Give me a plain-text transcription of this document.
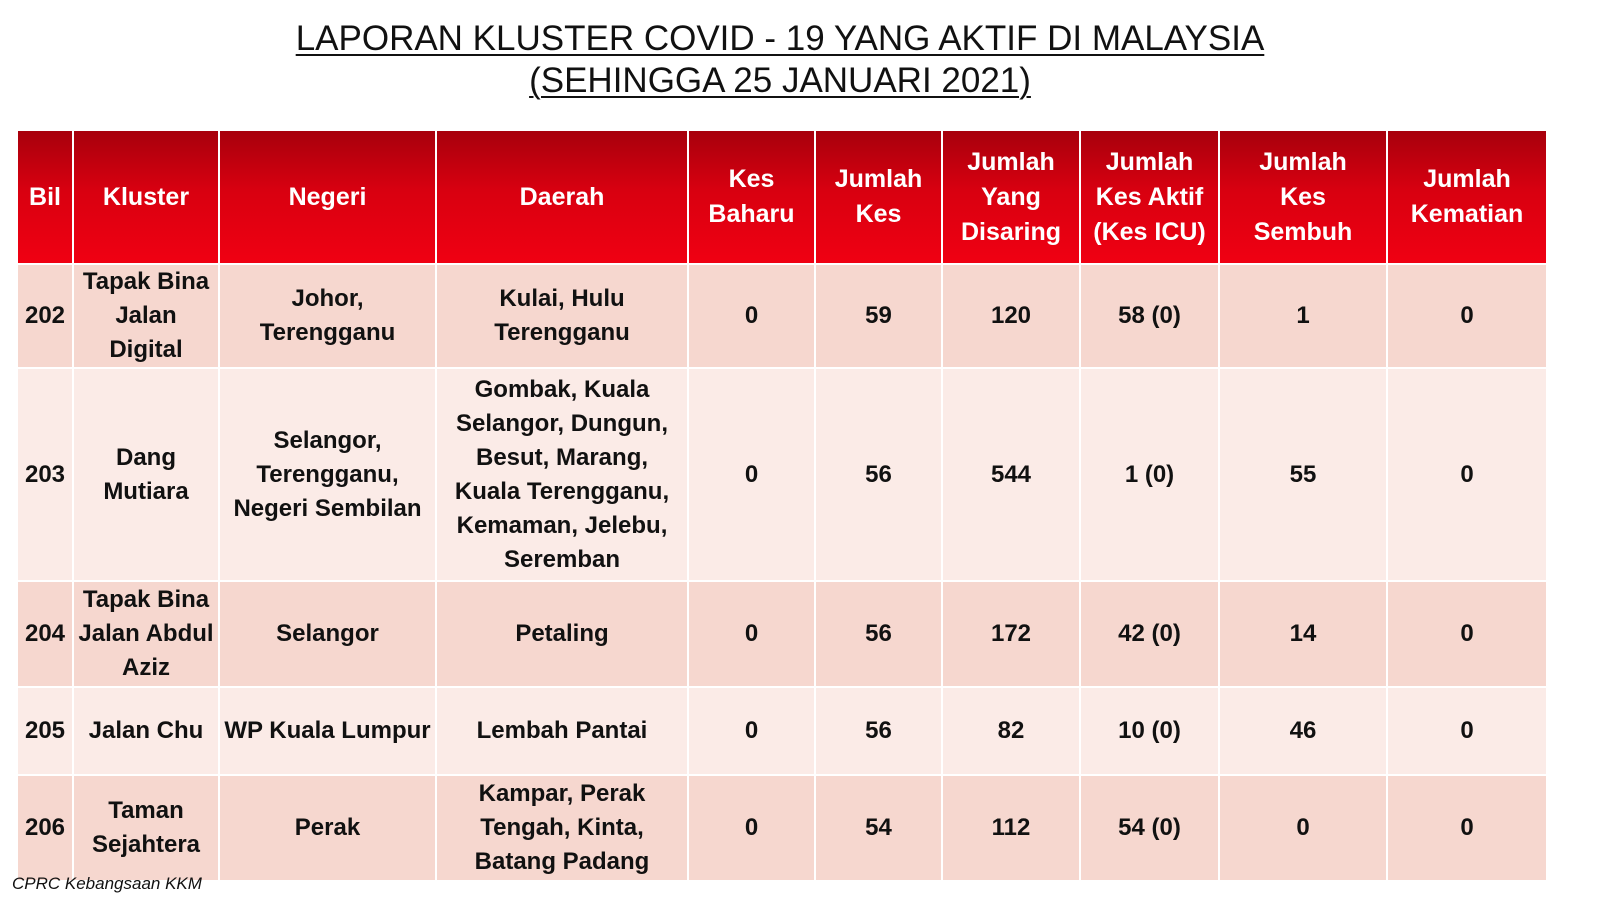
LAPORAN KLUSTER COVID - 19 YANG AKTIF DI MALAYSIA
(SEHINGGA 25 JANUARI 2021)
Bil	Kluster	Negeri	Daerah	Kes Baharu	Jumlah Kes	Jumlah Yang Disaring	Jumlah Kes Aktif (Kes ICU)	Jumlah Kes Sembuh	Jumlah Kematian
202	Tapak Bina Jalan Digital	Johor, Terengganu	Kulai, Hulu Terengganu	0	59	120	58 (0)	1	0
203	Dang Mutiara	Selangor, Terengganu, Negeri Sembilan	Gombak, Kuala Selangor, Dungun, Besut, Marang, Kuala Terengganu, Kemaman, Jelebu, Seremban	0	56	544	1 (0)	55	0
204	Tapak Bina Jalan Abdul Aziz	Selangor	Petaling	0	56	172	42 (0)	14	0
205	Jalan Chu	WP Kuala Lumpur	Lembah Pantai	0	56	82	10 (0)	46	0
206	Taman Sejahtera	Perak	Kampar, Perak Tengah, Kinta, Batang Padang	0	54	112	54 (0)	0	0
CPRC Kebangsaan KKM
